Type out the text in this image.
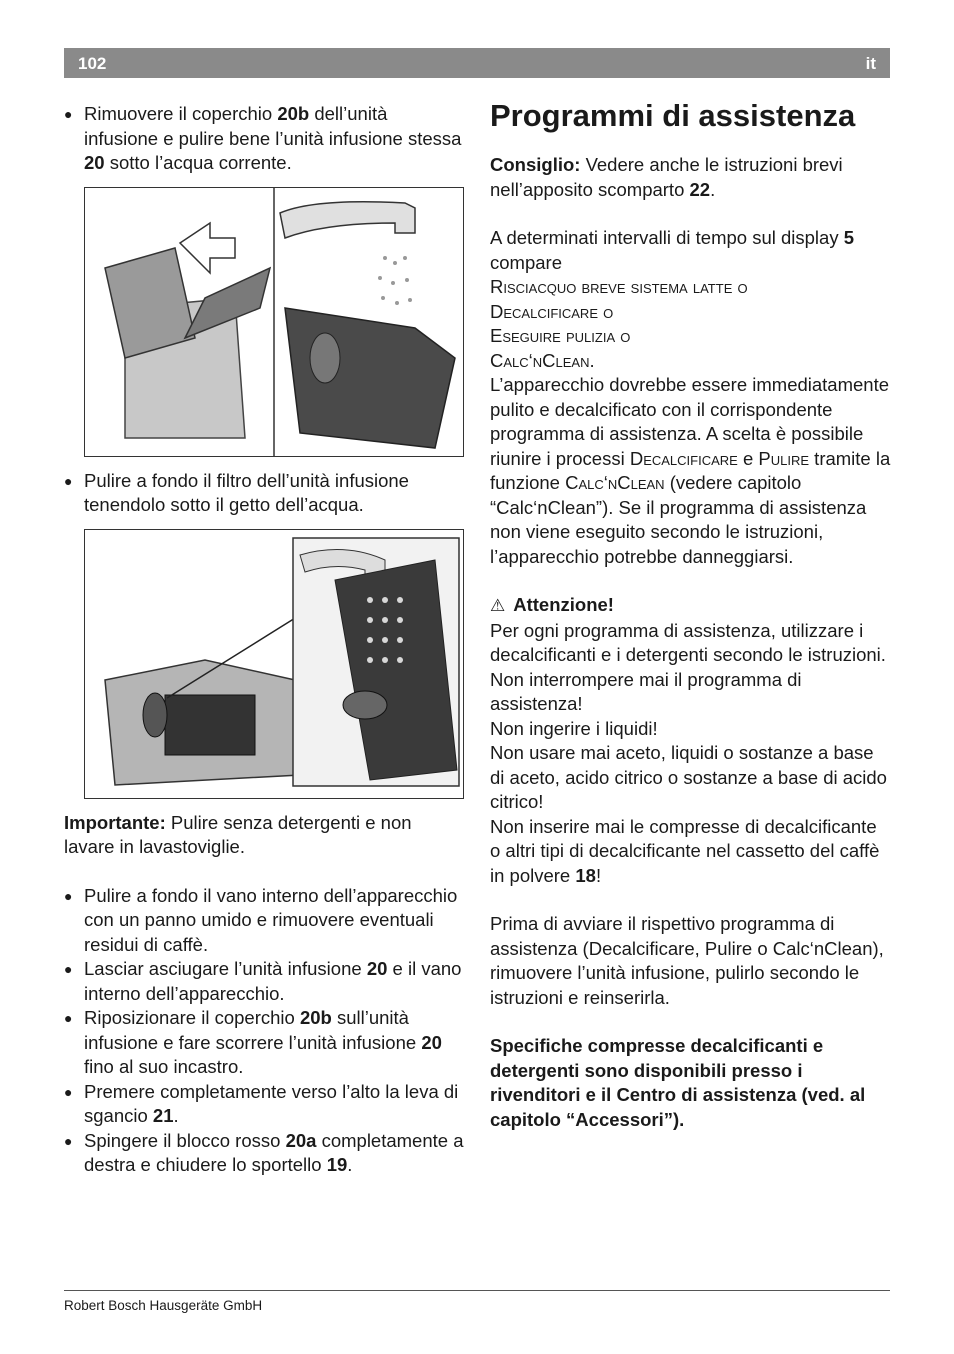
102	it

● Rimuovere il coperchio 20b dell’unità infusione e pulire bene l’unità infusione stessa 20 sotto l’acqua corrente.

● Pulire a fondo il filtro dell’unità infusione tenendolo sotto il getto dell’acqua.

Importante: Pulire senza detergenti e non lavare in lavastoviglie.

● Pulire a fondo il vano interno dell’apparecchio con un panno umido e rimuovere eventuali residui di caffè.

● Lasciar asciugare l’unità infusione 20 e il vano interno dell’apparecchio.

● Riposizionare il coperchio 20b sull’unità infusione e fare scorrere l’unità infusione 20 fino al suo incastro.

● Premere completamente verso l’alto la leva di sgancio 21.

● Spingere il blocco rosso 20a completamente a destra e chiudere lo sportello 19.

Programmi di assistenza

Consiglio: Vedere anche le istruzioni brevi nell’apposito scomparto 22.

A determinati intervalli di tempo sul display 5 compare
Risciacquo breve sistema latte o
Decalcificare o
Eseguire pulizia o
Calc‘nClean.

L’apparecchio dovrebbe essere immediatamente pulito e decalcificato con il corrispondente programma di assistenza. A scelta è possibile riunire i processi Decalcificare e Pulire tramite la funzione Calc‘nClean (vedere capitolo “Calc‘nClean”). Se il programma di assistenza non viene eseguito secondo le istruzioni, l’apparecchio potrebbe danneggiarsi.

⚠ Attenzione!

Per ogni programma di assistenza, utilizzare i decalcificanti e i detergenti secondo le istruzioni. Non interrompere mai il programma di assistenza!

Non ingerire i liquidi!

Non usare mai aceto, liquidi o sostanze a base di aceto, acido citrico o sostanze a base di acido citrico!

Non inserire mai le compresse di decalcificante o altri tipi di decalcificante nel cassetto del caffè in polvere 18!

Prima di avviare il rispettivo programma di assistenza (Decalcificare, Pulire o Calc‘nClean), rimuovere l’unità infusione, pulirlo secondo le istruzioni e reinserirla.

Specifiche compresse decalcificanti e detergenti sono disponibili presso i rivenditori e il Centro di assistenza (ved. al capitolo “Accessori”).

Robert Bosch Hausgeräte GmbH
